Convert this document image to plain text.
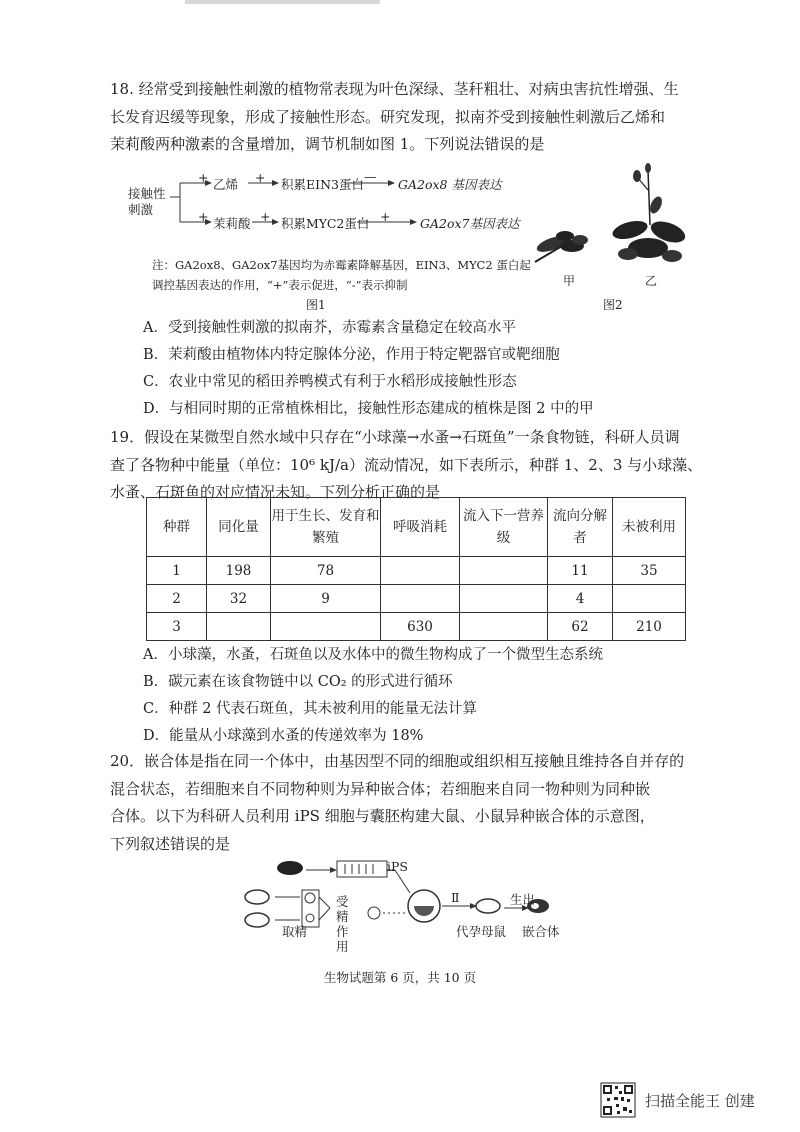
18. 经常受到接触性刺激的植物常表现为叶色深绿、茎秆粗壮、对病虫害抗性增强、生

长发育迟缓等现象，形成了接触性形态。研究发现，拟南芥受到接触性刺激后乙烯和

茉莉酸两种激素的含量增加，调节机制如图 1。下列说法错误的是

接触性刺激
+ 乙烯 + 积累EIN3蛋白
—
GA2ox8 基因表达
+ 茉莉酸 + 积累MYC2蛋白 + GA2ox7基因表达
注：GA2ox8、GA2ox7基因均为赤霉素降解基因，EIN3、MYC2 蛋白起调控基因表达的作用，“+”表示促进，“-”表示抑制
图1
甲	乙
图2
A．受到接触性刺激的拟南芥，赤霉素含量稳定在较高水平
B．茉莉酸由植物体内特定腺体分泌，作用于特定靶器官或靶细胞
C．农业中常见的稻田养鸭模式有利于水稻形成接触性形态
D．与相同时期的正常植株相比，接触性形态建成的植株是图 2 中的甲

19．假设在某微型自然水域中只存在“小球藻→水蚤→石斑鱼”一条食物链，科研人员调

查了各物种中能量（单位：10⁶ kJ/a）流动情况，如下表所示，种群 1、2、3 与小球藻、

水蚤、石斑鱼的对应情况未知。下列分析正确的是

种群	同化量	用于生长、发育和繁殖	呼吸消耗	流入下一营养级	流向分解者	未被利用
1	198	78			11	35
2	32	9			4	
3			630		62	210
A．小球藻，水蚤，石斑鱼以及水体中的微生物构成了一个微型生态系统
B．碳元素在该食物链中以 CO₂ 的形式进行循环
C．种群 2 代表石斑鱼，其未被利用的能量无法计算
D．能量从小球藻到水蚤的传递效率为 18%

20．嵌合体是指在同一个体中，由基因型不同的细胞或组织相互接触且维持各自并存的

混合状态，若细胞来自不同物种则为异种嵌合体；若细胞来自同一物种则为同种嵌

合体。以下为科研人员利用 iPS 细胞与囊胚构建大鼠、小鼠异种嵌合体的示意图，

下列叙述错误的是

iPS
取精
受精作用
Ⅱ
代孕母鼠
生出
嵌合体
生物试题第 6 页，共 10 页
扫描全能王 创建
